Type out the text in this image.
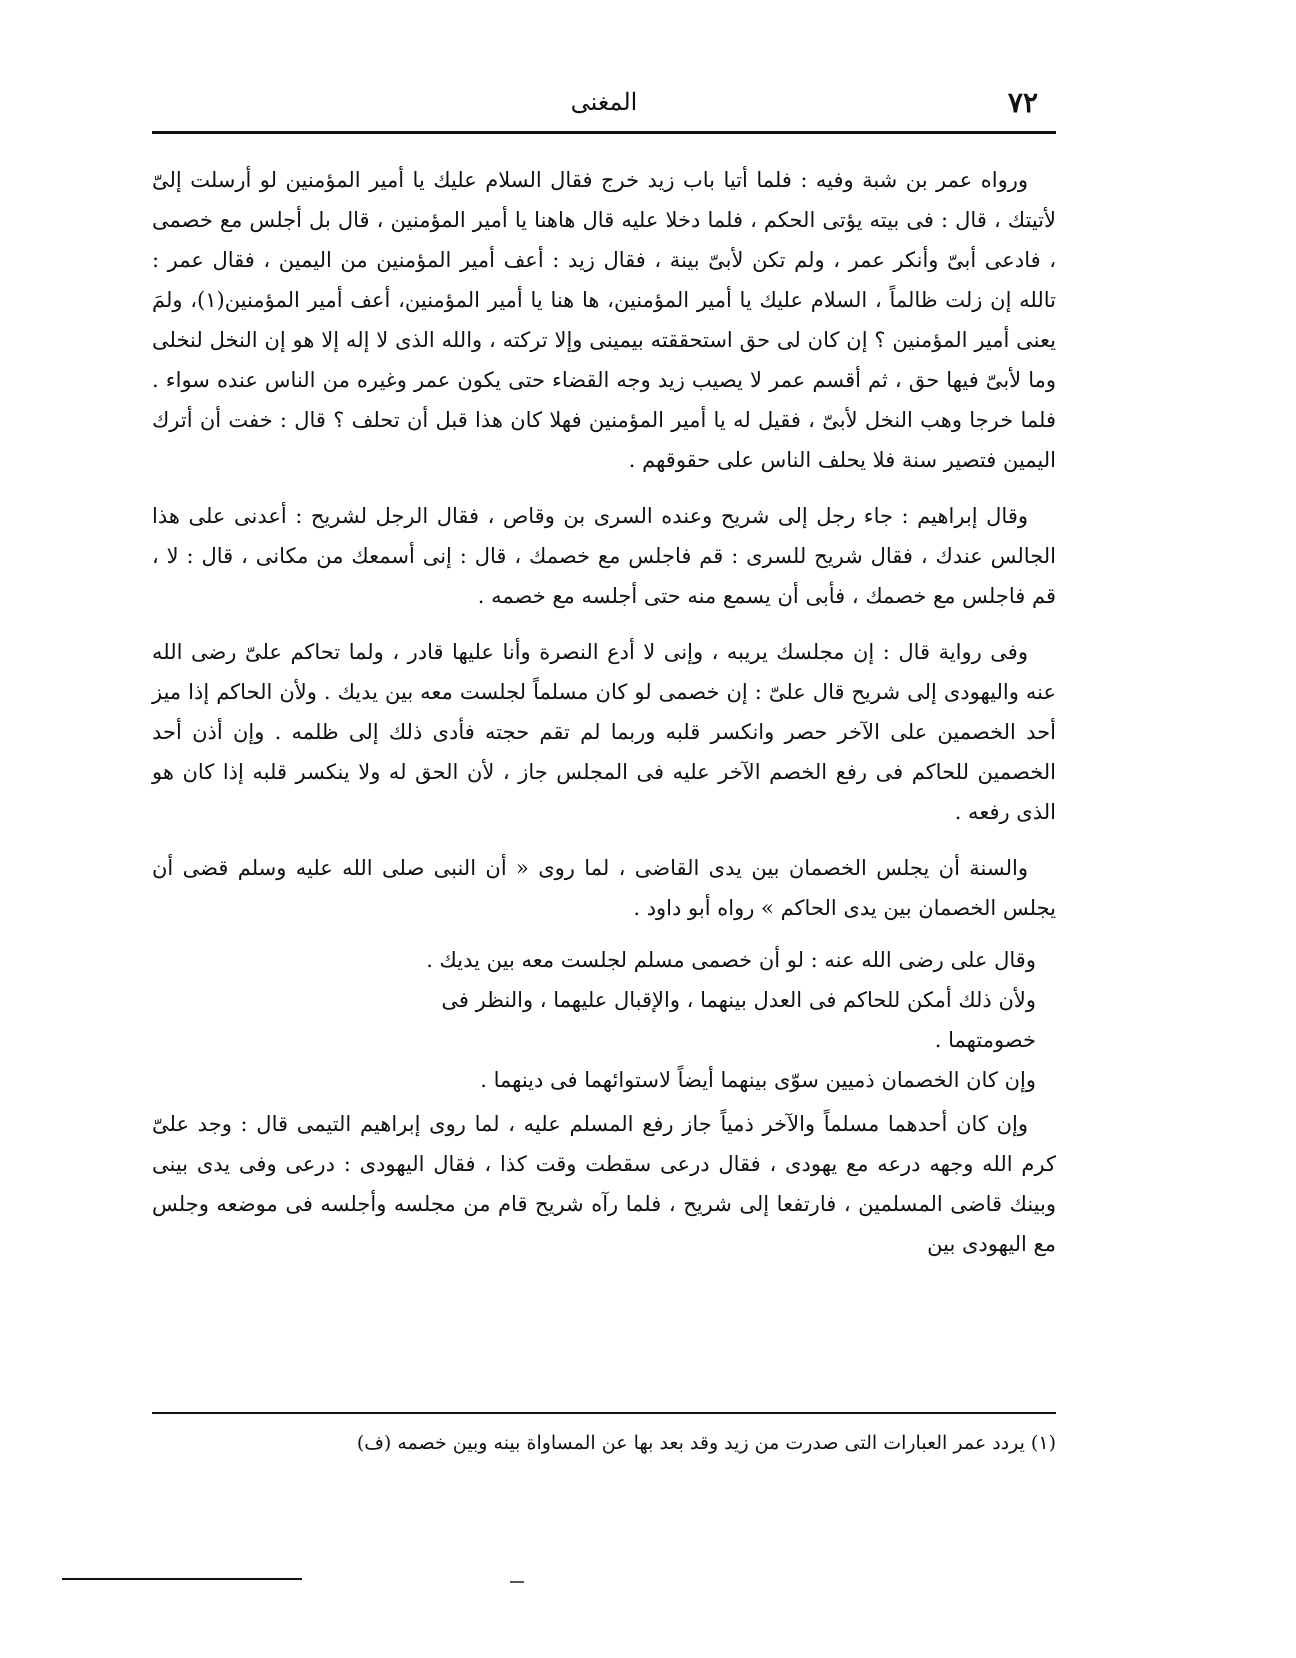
٧٢
المغنى

ورواه عمر بن شبة وفيه : فلما أتيا باب زيد خرج فقال السلام عليك يا أمير المؤمنين لو أرسلت إلىّ لأتيتك ، قال : فى بيته يؤتى الحكم ، فلما دخلا عليه قال هاهنا يا أمير المؤمنين ، قال بل أجلس مع خصمى ، فادعى أبىّ وأنكر عمر ، ولم تكن لأبىّ بينة ، فقال زيد : أعف أمير المؤمنين من اليمين ، فقال عمر : تالله إن زلت ظالماً ، السلام عليك يا أمير المؤمنين، ها هنا يا أمير المؤمنين، أعف أمير المؤمنين(١)، ولمَ يعنى أمير المؤمنين ؟ إن كان لى حق استحققته بيمينى وإلا تركته ، والله الذى لا إله إلا هو إن النخل لنخلى وما لأبىّ فيها حق ، ثم أقسم عمر لا يصيب زيد وجه القضاء حتى يكون عمر وغيره من الناس عنده سواء . فلما خرجا وهب النخل لأبىّ ، فقيل له يا أمير المؤمنين فهلا كان هذا قبل أن تحلف ؟ قال : خفت أن أترك اليمين فتصير سنة فلا يحلف الناس على حقوقهم .

وقال إبراهيم : جاء رجل إلى شريح وعنده السرى بن وقاص ، فقال الرجل لشريح : أعدنى على هذا الجالس عندك ، فقال شريح للسرى : قم فاجلس مع خصمك ، قال : إنى أسمعك من مكانى ، قال : لا ، قم فاجلس مع خصمك ، فأبى أن يسمع منه حتى أجلسه مع خصمه .

وفى رواية قال : إن مجلسك يريبه ، وإنى لا أدع النصرة وأنا عليها قادر ، ولما تحاكم علىّ رضى الله عنه واليهودى إلى شريح قال علىّ : إن خصمى لو كان مسلماً لجلست معه بين يديك . ولأن الحاكم إذا ميز أحد الخصمين على الآخر حصر وانكسر قلبه وربما لم تقم حجته فأدى ذلك إلى ظلمه . وإن أذن أحد الخصمين للحاكم فى رفع الخصم الآخر عليه فى المجلس جاز ، لأن الحق له ولا ينكسر قلبه إذا كان هو الذى رفعه .

والسنة أن يجلس الخصمان بين يدى القاضى ، لما روى « أن النبى صلى الله عليه وسلم قضى أن يجلس الخصمان بين يدى الحاكم » رواه أبو داود .

وقال على رضى الله عنه : لو أن خصمى مسلم لجلست معه بين يديك .

ولأن ذلك أمكن للحاكم فى العدل بينهما ، والإقبال عليهما ، والنظر فى خصومتهما .

وإن كان الخصمان ذميين سوّى بينهما أيضاً لاستوائهما فى دينهما .

وإن كان أحدهما مسلماً والآخر ذمياً جاز رفع المسلم عليه ، لما روى إبراهيم التيمى قال : وجد علىّ كرم الله وجهه درعه مع يهودى ، فقال درعى سقطت وقت كذا ، فقال اليهودى : درعى وفى يدى بينى وبينك قاضى المسلمين ، فارتفعا إلى شريح ، فلما رآه شريح قام من مجلسه وأجلسه فى موضعه وجلس مع اليهودى بين

(١) يردد عمر العبارات التى صدرت من زيد وقد بعد بها عن المساواة بينه وبين خصمه (ف)
